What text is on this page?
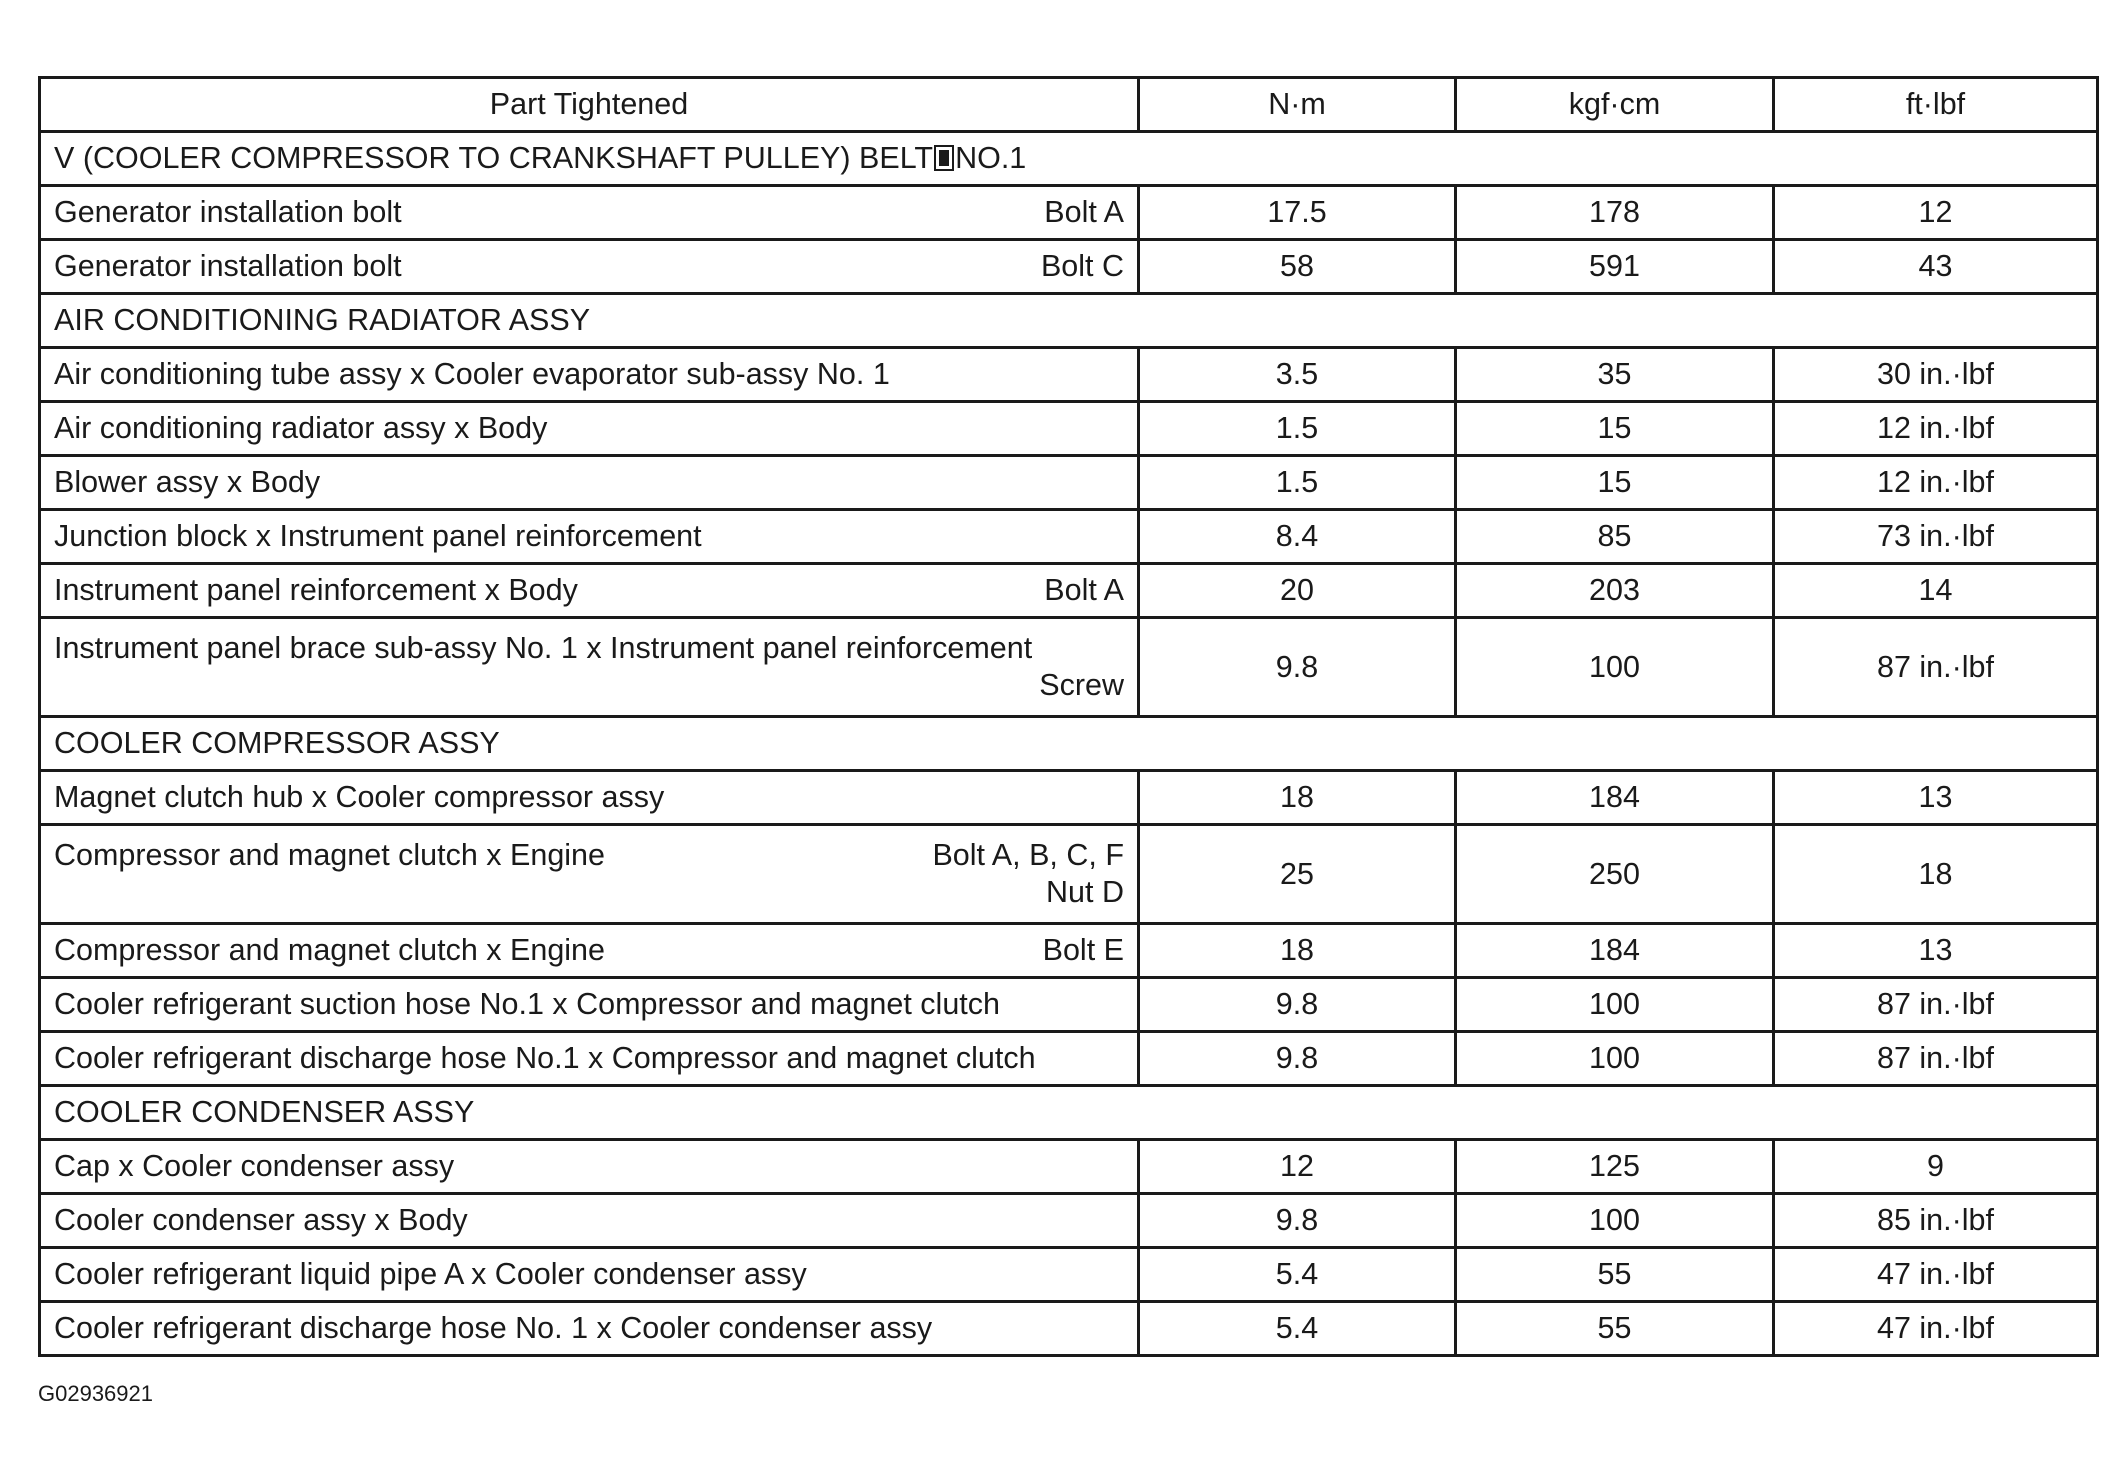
Part Tightened	N·m	kgf·cm	ft·lbf
V (COOLER COMPRESSOR TO CRANKSHAFT PULLEY) BELT NO.1			

Generator installation bolt Bolt A	17.5	178	12

Generator installation bolt Bolt C	58	591	43
AIR CONDITIONING RADIATOR ASSY			
Air conditioning tube assy x Cooler evaporator sub-assy No. 1	3.5	35	30 in.·lbf
Air conditioning radiator assy x Body	1.5	15	12 in.·lbf
Blower assy x Body	1.5	15	12 in.·lbf
Junction block x Instrument panel reinforcement	8.4	85	73 in.·lbf

Instrument panel reinforcement x Body Bolt A	20	203	14

Instrument panel brace sub-assy No. 1 x Instrument panel reinforcement
Screw	9.8	100	87 in.·lbf
COOLER COMPRESSOR ASSY			
Magnet clutch hub x Cooler compressor assy	18	184	13

Compressor and magnet clutch x Engine Bolt A, B, C, F
Nut D	25	250	18

Compressor and magnet clutch x Engine Bolt E	18	184	13
Cooler refrigerant suction hose No.1 x Compressor and magnet clutch	9.8	100	87 in.·lbf
Cooler refrigerant discharge hose No.1 x Compressor and magnet clutch	9.8	100	87 in.·lbf
COOLER CONDENSER ASSY			
Cap x Cooler condenser assy	12	125	9
Cooler condenser assy x Body	9.8	100	85 in.·lbf
Cooler refrigerant liquid pipe A x Cooler condenser assy	5.4	55	47 in.·lbf
Cooler refrigerant discharge hose No. 1 x Cooler condenser assy	5.4	55	47 in.·lbf
G02936921
